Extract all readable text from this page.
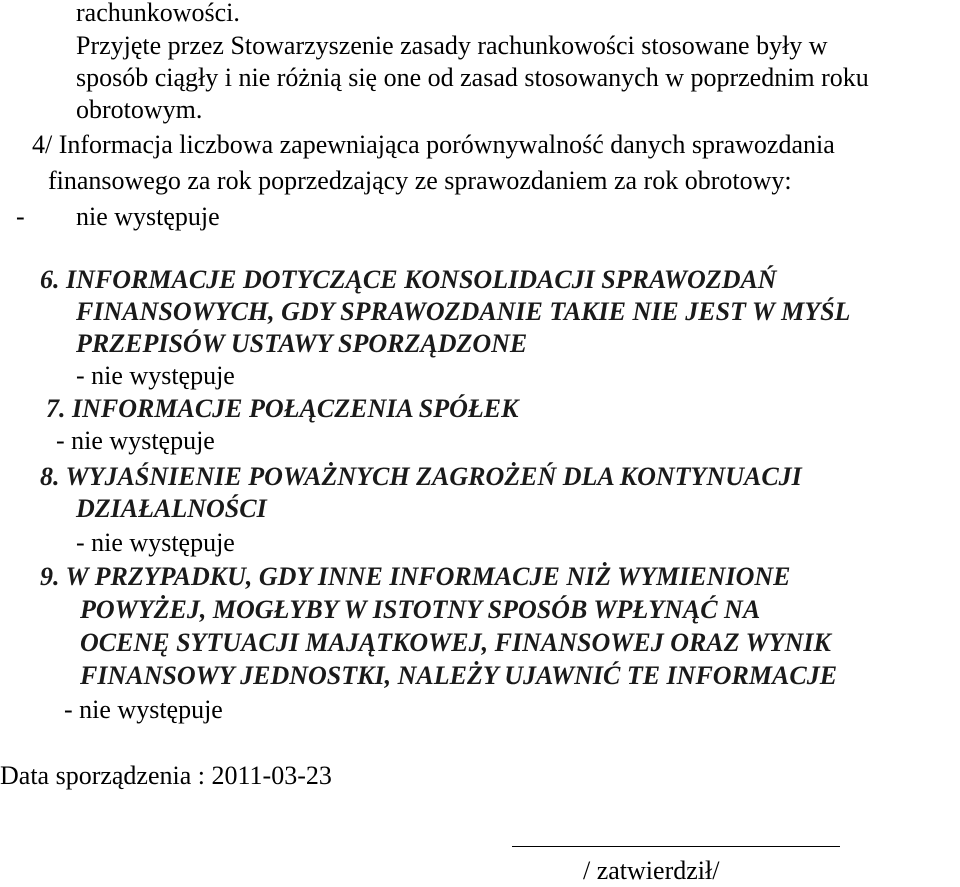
rachunkowości.
Przyjęte przez Stowarzyszenie zasady rachunkowości stosowane były w
sposób ciągły i nie różnią się one od zasad stosowanych w poprzednim roku
obrotowym.
4/ Informacja liczbowa zapewniająca porównywalność danych sprawozdania
finansowego za rok poprzedzający ze sprawozdaniem za rok obrotowy:
- nie występuje
6. INFORMACJE DOTYCZĄCE KONSOLIDACJI SPRAWOZDAŃ
FINANSOWYCH, GDY SPRAWOZDANIE TAKIE NIE JEST W MYŚL
PRZEPISÓW USTAWY SPORZĄDZONE
- nie występuje
7. INFORMACJE POŁĄCZENIA SPÓŁEK
- nie występuje
8. WYJAŚNIENIE POWAŻNYCH ZAGROŻEŃ DLA KONTYNUACJI
DZIAŁALNOŚCI
- nie występuje
9. W PRZYPADKU, GDY INNE INFORMACJE NIŻ WYMIENIONE
POWYŻEJ, MOGŁYBY W ISTOTNY SPOSÓB WPŁYNĄĆ NA
OCENĘ SYTUACJI MAJĄTKOWEJ, FINANSOWEJ ORAZ WYNIK
FINANSOWY JEDNOSTKI, NALEŻY UJAWNIĆ TE INFORMACJE
- nie występuje
Data sporządzenia : 2011-03-23
/ zatwierdził/
